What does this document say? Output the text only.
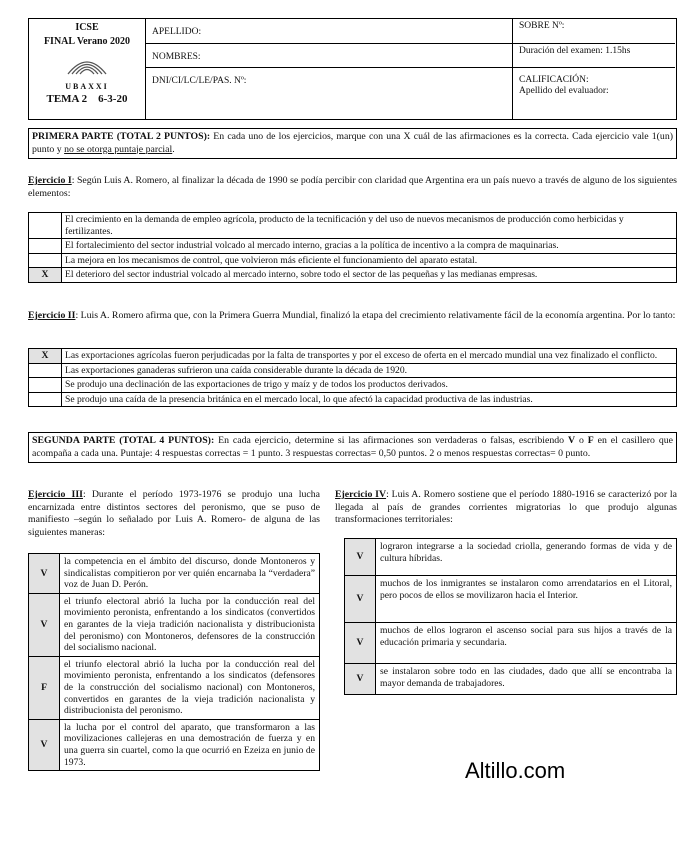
ICSE
FINAL Verano 2020
UBAXXI
TEMA 2    6-3-20
APELLIDO:
NOMBRES:
DNI/CI/LC/LE/PAS. Nº:
SOBRE Nº:
Duración del examen: 1.15hs
CALIFICACIÓN:
Apellido del evaluador:
PRIMERA PARTE (TOTAL 2 PUNTOS): En cada uno de los ejercicios, marque con una X cuál de las afirmaciones es la correcta. Cada ejercicio vale 1(un) punto y no se otorga puntaje parcial.
Ejercicio I: Según Luis A. Romero, al finalizar la década de 1990 se podía percibir con claridad que Argentina era un país nuevo a través de alguno de los siguientes elementos:
	El crecimiento en la demanda de empleo agrícola, producto de la tecnificación y del uso de nuevos mecanismos de producción como herbicidas y fertilizantes.
	El fortalecimiento del sector industrial volcado al mercado interno, gracias a la política de incentivo a la compra de maquinarias.
	La mejora en los mecanismos de control, que volvieron más eficiente el funcionamiento del aparato estatal.
X	El deterioro del sector industrial volcado al mercado interno, sobre todo el sector de las pequeñas y las medianas empresas.
Ejercicio II: Luis A. Romero afirma que, con la Primera Guerra Mundial, finalizó la etapa del crecimiento relativamente fácil de la economía argentina. Por lo tanto:
X	Las exportaciones agrícolas fueron perjudicadas por la falta de transportes y por el exceso de oferta en el mercado mundial una vez finalizado el conflicto.
	Las exportaciones ganaderas sufrieron una caída considerable durante la década de 1920.
	Se produjo una declinación de las exportaciones de trigo y maíz y de todos los productos derivados.
	Se produjo una caída de la presencia británica en el mercado local, lo que afectó la capacidad productiva de las industrias.
SEGUNDA PARTE (TOTAL 4 PUNTOS): En cada ejercicio, determine si las afirmaciones son verdaderas o falsas, escribiendo V o F en el casillero que acompaña a cada una. Puntaje: 4 respuestas correctas = 1 punto. 3 respuestas correctas= 0,50 puntos. 2 o menos respuestas correctas= 0 punto.
Ejercicio III: Durante el período 1973-1976 se produjo una lucha encarnizada entre distintos sectores del peronismo, que se puso de manifiesto –según lo señalado por Luis A. Romero- de alguna de las siguientes maneras:
V	la competencia en el ámbito del discurso, donde Montoneros y sindicalistas compitieron por ver quién encarnaba la “verdadera” voz de Juan D. Perón.
V	el triunfo electoral abrió la lucha por la conducción real del movimiento peronista, enfrentando a los sindicatos (convertidos en garantes de la vieja tradición nacionalista y distribucionista del peronismo) con Montoneros, defensores de la construcción del socialismo nacional.
F	el triunfo electoral abrió la lucha por la conducción real del movimiento peronista, enfrentando a los sindicatos (defensores de la construcción del socialismo nacional) con Montoneros, convertidos en garantes de la vieja tradición nacionalista y distribucionista del peronismo.
V	la lucha por el control del aparato, que transformaron a las movilizaciones callejeras en una demostración de fuerza y en una guerra sin cuartel, como la que ocurrió en Ezeiza en junio de 1973.
Ejercicio IV: Luis A. Romero sostiene que el período 1880-1916 se caracterizó por la llegada al país de grandes corrientes migratorias lo que produjo algunas transformaciones territoriales:
V	lograron integrarse a la sociedad criolla, generando formas de vida y de cultura híbridas.
V	muchos de los inmigrantes se instalaron como arrendatarios en el Litoral, pero pocos de ellos se movilizaron hacia el Interior.
V	muchos de ellos lograron el ascenso social para sus hijos a través de la educación primaria y secundaria.
V	se instalaron sobre todo en las ciudades, dado que allí se encontraba la mayor demanda de trabajadores.
Altillo.com
